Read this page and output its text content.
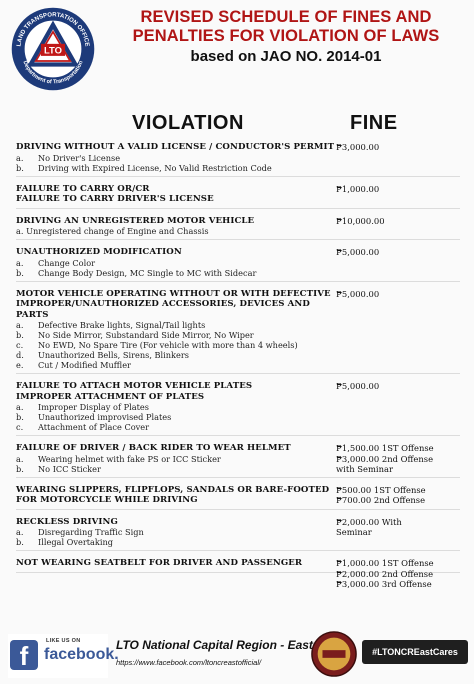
LTO
LAND TRANSPORTATION OFFICE
Department of Transportation
REVISED SCHEDULE OF FINES AND
PENALTIES FOR VIOLATION OF LAWS
based on JAO NO. 2014-01
VIOLATION	FINE
DRIVING WITHOUT A VALID LICENSE / CONDUCTOR'S PERMIT
a.	No Driver's License
b.	Driving with Expired License, No Valid Restriction Code
₱3,000.00
FAILURE TO CARRY OR/CR
FAILURE TO CARRY DRIVER'S LICENSE
₱1,000.00
DRIVING AN UNREGISTERED MOTOR VEHICLE
a. Unregistered change of Engine and Chassis
₱10,000.00
UNAUTHORIZED MODIFICATION
a.	Change Color
b.	Change Body Design, MC Single to MC with Sidecar
₱5,000.00
MOTOR VEHICLE OPERATING WITHOUT OR WITH DEFECTIVE IMPROPER/UNAUTHORIZED ACCESSORIES, DEVICES AND PARTS
a.	Defective Brake lights, Signal/Tail lights
b.	No Side Mirror, Substandard Side Mirror, No Wiper
c.	No EWD, No Spare Tire (For vehicle with more than 4 wheels)
d.	Unauthorized Bells, Sirens, Blinkers
e.	Cut / Modified Muffler
₱5,000.00
FAILURE TO ATTACH MOTOR VEHICLE PLATES
IMPROPER ATTACHMENT OF PLATES
a.	Improper Display of Plates
b.	Unauthorized improvised Plates
c.	Attachment of Place Cover
₱5,000.00
FAILURE OF DRIVER / BACK RIDER TO WEAR HELMET
a.	Wearing helmet with fake PS or ICC Sticker
b.	No ICC Sticker
₱1,500.00 1ST Offense
₱3,000.00 2nd Offense
with Seminar
WEARING SLIPPERS, FLIPFLOPS, SANDALS OR BARE-FOOTED FOR MOTORCYCLE WHILE DRIVING
₱500.00 1ST Offense
₱700.00 2nd Offense
RECKLESS DRIVING
a.	Disregarding Traffic Sign
b.	Illegal Overtaking
₱2,000.00 With
Seminar
NOT WEARING SEATBELT FOR DRIVER AND PASSENGER	₱1,000.00 1ST Offense
₱2,000.00 2nd Offense
₱3,000.00 3rd Offense
LIKE US ON
f facebook.
LTO National Capital Region - East
https://www.facebook.com/ltoncreastofficial/
#LTONCREastCares
